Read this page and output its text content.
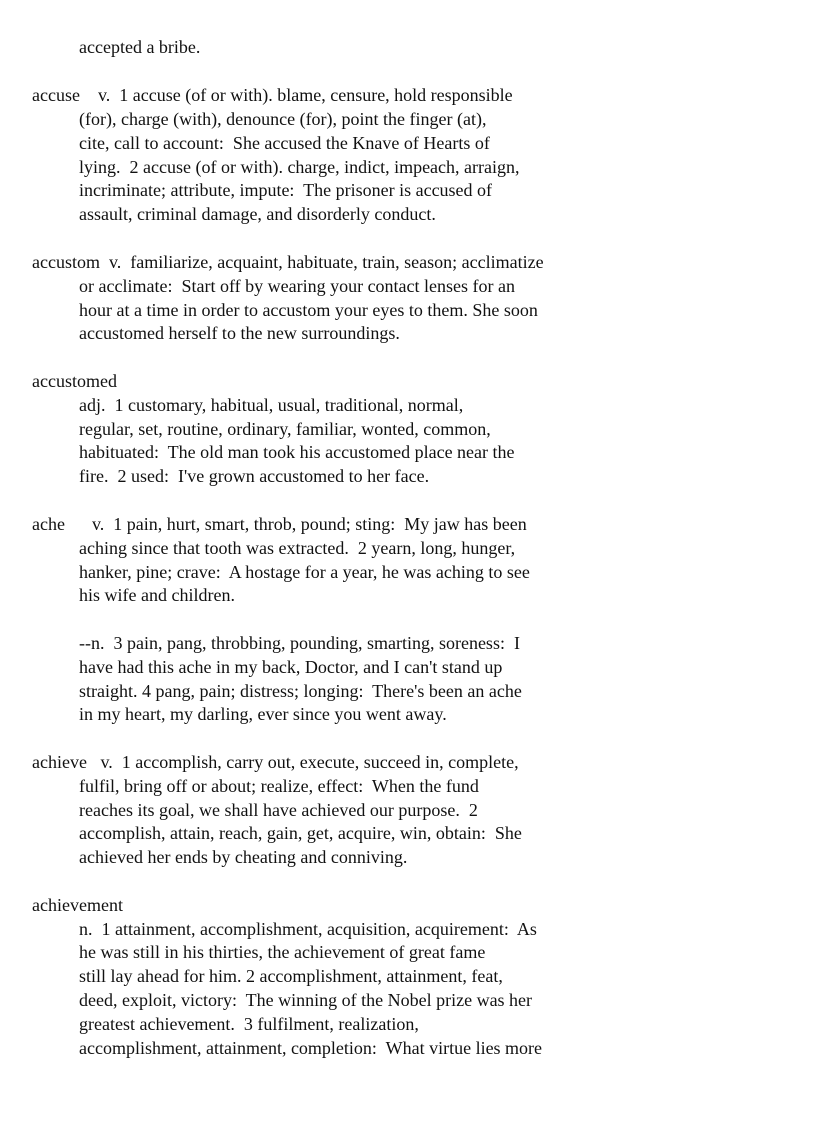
accepted a bribe.
accuse    v.  1 accuse (of or with). blame, censure, hold responsible
(for), charge (with), denounce (for), point the finger (at),
cite, call to account:  She accused the Knave of Hearts of
lying.  2 accuse (of or with). charge, indict, impeach, arraign,
incriminate; attribute, impute:  The prisoner is accused of
assault, criminal damage, and disorderly conduct.
accustom  v.  familiarize, acquaint, habituate, train, season; acclimatize
or acclimate:  Start off by wearing your contact lenses for an
hour at a time in order to accustom your eyes to them. She soon
accustomed herself to the new surroundings.
accustomed
adj.  1 customary, habitual, usual, traditional, normal,
regular, set, routine, ordinary, familiar, wonted, common,
habituated:  The old man took his accustomed place near the
fire.  2 used:  I've grown accustomed to her face.
ache      v.  1 pain, hurt, smart, throb, pound; sting:  My jaw has been
aching since that tooth was extracted.  2 yearn, long, hunger,
hanker, pine; crave:  A hostage for a year, he was aching to see
his wife and children.
--n.  3 pain, pang, throbbing, pounding, smarting, soreness:  I
have had this ache in my back, Doctor, and I can't stand up
straight. 4 pang, pain; distress; longing:  There's been an ache
in my heart, my darling, ever since you went away.
achieve   v.  1 accomplish, carry out, execute, succeed in, complete,
fulfil, bring off or about; realize, effect:  When the fund
reaches its goal, we shall have achieved our purpose.  2
accomplish, attain, reach, gain, get, acquire, win, obtain:  She
achieved her ends by cheating and conniving.
achievement
n.  1 attainment, accomplishment, acquisition, acquirement:  As
he was still in his thirties, the achievement of great fame
still lay ahead for him. 2 accomplishment, attainment, feat,
deed, exploit, victory:  The winning of the Nobel prize was her
greatest achievement.  3 fulfilment, realization,
accomplishment, attainment, completion:  What virtue lies more
